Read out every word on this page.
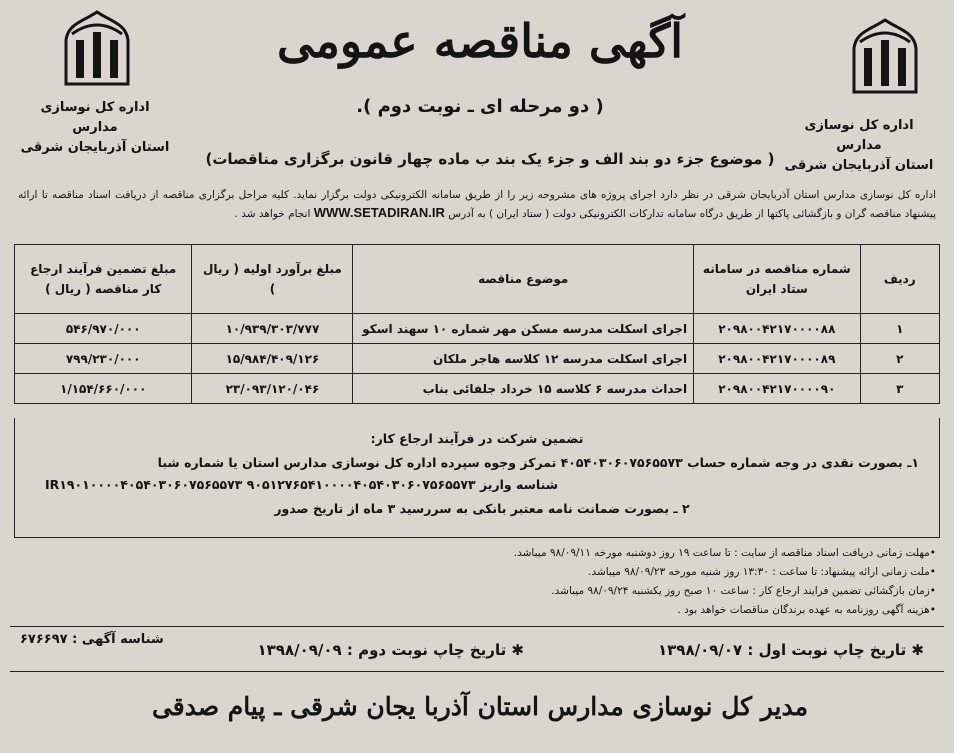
اداره کل نوسازی مدارس
استان آذربایجان شرقی
اداره کل نوسازی مدارس
استان آذربایجان شرقی
آگهی مناقصه عمومی
( دو مرحله ای ـ نوبت دوم ).
( موضوع جزء دو بند الف و جزء یک بند ب ماده چهار قانون برگزاری مناقصات)
اداره کل نوسازی مدارس استان آذربایجان شرقی در نظر دارد اجرای پروژه های مشروحه زیر را از طریق سامانه الکترونیکی دولت برگزار نماید. کلیه مراحل برگزاری مناقصه از دریافت اسناد مناقصه تا ارائه پیشنهاد مناقصه گران و بازگشائی پاکتها از طریق درگاه سامانه تدارکات الکترونیکی دولت ( ستاد ایران ) به آدرس WWW.SETADIRAN.IR انجام خواهد شد .
ردیف	شماره مناقصه در سامانه ستاد ایران	موضوع مناقصه	مبلغ برآورد اولیه ( ریال )	مبلغ تضمین فرآیند ارجاع کار مناقصه ( ریال )
۱	۲۰۹۸۰۰۴۲۱۷۰۰۰۰۸۸	اجرای اسکلت مدرسه مسکن مهر شماره ۱۰ سهند اسکو	۱۰/۹۳۹/۳۰۳/۷۷۷	۵۴۶/۹۷۰/۰۰۰
۲	۲۰۹۸۰۰۴۲۱۷۰۰۰۰۸۹	اجرای اسکلت مدرسه ۱۲ کلاسه هاجر ملکان	۱۵/۹۸۴/۴۰۹/۱۲۶	۷۹۹/۲۳۰/۰۰۰
۳	۲۰۹۸۰۰۴۲۱۷۰۰۰۰۹۰	احداث مدرسه ۶ کلاسه ۱۵ خرداد جلفائی بناب	۲۳/۰۹۳/۱۲۰/۰۴۶	۱/۱۵۴/۶۶۰/۰۰۰
تضمین شرکت در فرآیند ارجاع کار:
۱ـ بصورت نقدی در وجه شماره حساب ۴۰۵۴۰۳۰۶۰۷۵۶۵۵۷۳ تمرکز وجوه سپرده اداره کل نوسازی مدارس استان یا شماره شبا
IR۱۹۰۱۰۰۰۰۴۰۵۴۰۳۰۶۰۷۵۶۵۵۷۳ شناسه واریز ۹۰۵۱۲۷۶۵۴۱۰۰۰۰۴۰۵۴۰۳۰۶۰۷۵۶۵۵۷۳
۲ ـ بصورت ضمانت نامه معتبر بانکی به سررسید ۳ ماه از تاریخ صدور
• مهلت زمانی دریافت اسناد مناقصه از سایت : تا ساعت ۱۹ روز دوشنبه مورخه ۹۸/۰۹/۱۱ میباشد.
• ملت زمانی ارائه پیشنهاد: تا ساعت : ۱۳:۳۰ روز شنبه مورخه ۹۸/۰۹/۲۳ میباشد.
• زمان بازگشائی تضمین فرایند ارجاع کار : ساعت ۱۰ صبح روز یکشنبه ۹۸/۰۹/۲۴ میباشد.
• هزینه آگهی روزنامه به عهده برندگان مناقصات خواهد بود .
✱ تاریخ چاپ نوبت اول : ۱۳۹۸/۰۹/۰۷
✱ تاریخ چاپ نوبت دوم : ۱۳۹۸/۰۹/۰۹
شناسه آگهی : ۶۷۶۶۹۷
مدیر کل نوسازی مدارس استان آذربا یجان شرقی ـ پیام صدقی
